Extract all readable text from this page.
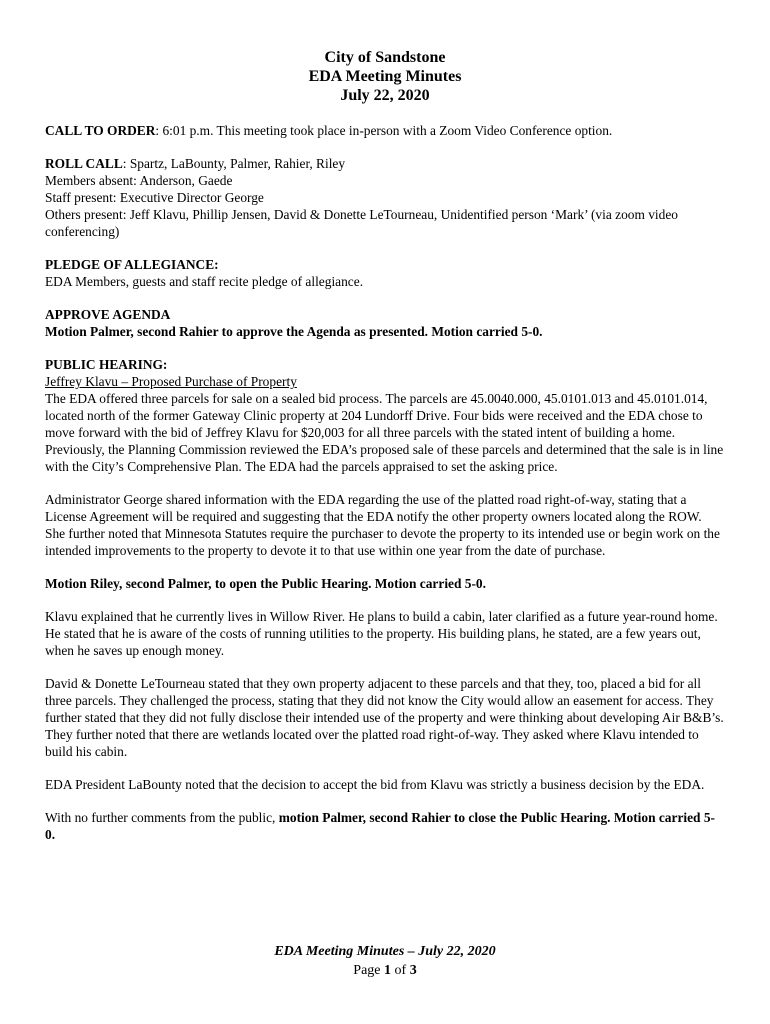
City of Sandstone
EDA Meeting Minutes
July 22, 2020

CALL TO ORDER: 6:01 p.m. This meeting took place in-person with a Zoom Video Conference option.

ROLL CALL: Spartz, LaBounty, Palmer, Rahier, Riley
Members absent: Anderson, Gaede
Staff present: Executive Director George
Others present: Jeff Klavu, Phillip Jensen, David & Donette LeTourneau, Unidentified person ‘Mark’ (via zoom video conferencing)
PLEDGE OF ALLEGIANCE:
EDA Members, guests and staff recite pledge of allegiance.
APPROVE AGENDA
Motion Palmer, second Rahier to approve the Agenda as presented. Motion carried 5-0.
PUBLIC HEARING:
Jeffrey Klavu – Proposed Purchase of Property
The EDA offered three parcels for sale on a sealed bid process. The parcels are 45.0040.000, 45.0101.013 and 45.0101.014, located north of the former Gateway Clinic property at 204 Lundorff Drive. Four bids were received and the EDA chose to move forward with the bid of Jeffrey Klavu for $20,003 for all three parcels with the stated intent of building a home. Previously, the Planning Commission reviewed the EDA’s proposed sale of these parcels and determined that the sale is in line with the City’s Comprehensive Plan. The EDA had the parcels appraised to set the asking price.

Administrator George shared information with the EDA regarding the use of the platted road right-of-way, stating that a License Agreement will be required and suggesting that the EDA notify the other property owners located along the ROW. She further noted that Minnesota Statutes require the purchaser to devote the property to its intended use or begin work on the intended improvements to the property to devote it to that use within one year from the date of purchase.

Motion Riley, second Palmer, to open the Public Hearing. Motion carried 5-0.

Klavu explained that he currently lives in Willow River. He plans to build a cabin, later clarified as a future year-round home. He stated that he is aware of the costs of running utilities to the property. His building plans, he stated, are a few years out, when he saves up enough money.

David & Donette LeTourneau stated that they own property adjacent to these parcels and that they, too, placed a bid for all three parcels. They challenged the process, stating that they did not know the City would allow an easement for access. They further stated that they did not fully disclose their intended use of the property and were thinking about developing Air B&B’s. They further noted that there are wetlands located over the platted road right-of-way. They asked where Klavu intended to build his cabin.

EDA President LaBounty noted that the decision to accept the bid from Klavu was strictly a business decision by the EDA.

With no further comments from the public, motion Palmer, second Rahier to close the Public Hearing. Motion carried 5-0.

EDA Meeting Minutes – July 22, 2020
Page 1 of 3
